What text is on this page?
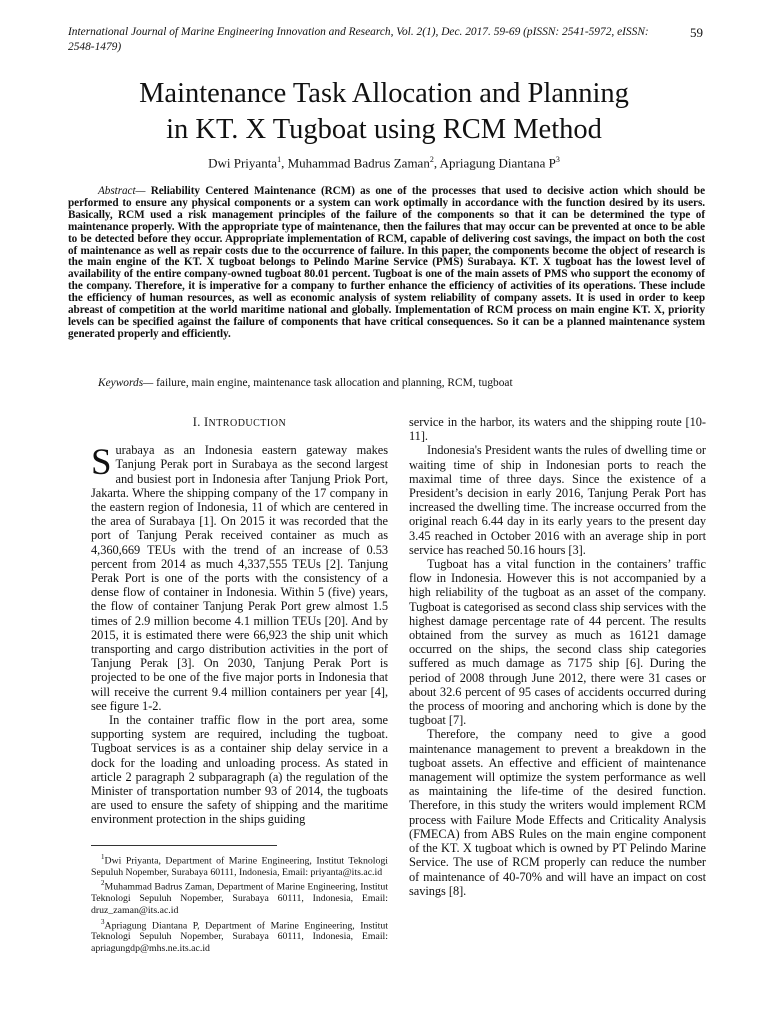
International Journal of Marine Engineering Innovation and Research, Vol. 2(1), Dec. 2017. 59-69 (pISSN: 2541-5972, eISSN: 2548-1479)
59
Maintenance Task Allocation and Planning
in KT. X Tugboat using RCM Method
Dwi Priyanta$^1$, Muhammad Badrus Zaman$^2$, Apriagung Diantana $P^3$
Abstract— Reliability Centered Maintenance (RCM) as one of the processes that used to decisive action which should be performed to ensure any physical components or a system can work optimally in accordance with the function desired by its users. Basically, RCM used a risk management principles of the failure of the components so that it can be determined the type of maintenance properly. With the appropriate type of maintenance, then the failures that may occur can be prevented at once to be able to be detected before they occur. Appropriate implementation of RCM, capable of delivering cost savings, the impact on both the cost of maintenance as well as repair costs due to the occurrence of failure. In this paper, the components become the object of research is the main engine of the KT. X tugboat belongs to Pelindo Marine Service (PMS) Surabaya. KT. X tugboat has the lowest level of availability of the entire company-owned tugboat 80.01 percent. Tugboat is one of the main assets of PMS who support the economy of the company. Therefore, it is imperative for a company to further enhance the efficiency of activities of its operations. These include the efficiency of human resources, as well as economic analysis of system reliability of company assets. It is used in order to keep abreast of competition at the world maritime national and globally. Implementation of RCM process on main engine KT. X, priority levels can be specified against the failure of components that have critical consequences. So it can be a planned maintenance system generated properly and efficiently.
Keywords— failure, main engine, maintenance task allocation and planning, RCM, tugboat
I. INTRODUCTION

Surabaya as an Indonesia eastern gateway makes Tanjung Perak port in Surabaya as the second largest and busiest port in Indonesia after Tanjung Priok Port, Jakarta. Where the shipping company of the 17 company in the eastern region of Indonesia, 11 of which are centered in the area of Surabaya [1]. On 2015 it was recorded that the port of Tanjung Perak received container as much as 4,360,669 TEUs with the trend of an increase of 0.53 percent from 2014 as much 4,337,555 TEUs [2]. Tanjung Perak Port is one of the ports with the consistency of a dense flow of container in Indonesia. Within 5 (five) years, the flow of container Tanjung Perak Port grew almost 1.5 times of 2.9 million become 4.1 million TEUs [20]. And by 2015, it is estimated there were 66,923 the ship unit which transporting and cargo distribution activities in the port of Tanjung Perak [3]. On 2030, Tanjung Perak Port is projected to be one of the five major ports in Indonesia that will receive the current 9.4 million containers per year [4], see figure 1-2.

In the container traffic flow in the port area, some supporting system are required, including the tugboat. Tugboat services is as a container ship delay service in a dock for the loading and unloading process. As stated in article 2 paragraph 2 subparagraph (a) the regulation of the Minister of transportation number 93 of 2014, the tugboats are used to ensure the safety of shipping and the maritime environment protection in the ships guiding

service in the harbor, its waters and the shipping route [10-11].

Indonesia's President wants the rules of dwelling time or waiting time of ship in Indonesian ports to reach the maximal time of three days. Since the existence of a President’s decision in early 2016, Tanjung Perak Port has increased the dwelling time. The increase occurred from the original reach 6.44 day in its early years to the present day 3.45 reached in October 2016 with an average ship in port service has reached 50.16 hours [3].

Tugboat has a vital function in the containers’ traffic flow in Indonesia. However this is not accompanied by a high reliability of the tugboat as an asset of the company. Tugboat is categorised as second class ship services with the highest damage percentage rate of 44 percent. The results obtained from the survey as much as 16121 damage occurred on the ships, the second class ship categories suffered as much damage as 7175 ship [6]. During the period of 2008 through June 2012, there were 31 cases or about 32.6 percent of 95 cases of accidents occurred during the process of mooring and anchoring which is done by the tugboat [7].

Therefore, the company need to give a good maintenance management to prevent a breakdown in the tugboat assets. An effective and efficient of maintenance management will optimize the system performance as well as maintaining the life-time of the desired function. Therefore, in this study the writers would implement RCM process with Failure Mode Effects and Criticality Analysis (FMECA) from ABS Rules on the main engine component of the KT. X tugboat which is owned by PT Pelindo Marine Service. The use of RCM properly can reduce the number of maintenance of 40-70% and will have an impact on cost savings [8].

$^1$Dwi Priyanta, Department of Marine Engineering, Institut Teknologi Sepuluh Nopember, Surabaya 60111, Indonesia, Email: priyanta@its.ac.id

$^2$Muhammad Badrus Zaman, Department of Marine Engineering, Institut Teknologi Sepuluh Nopember, Surabaya 60111, Indonesia, Email: druz_zaman@its.ac.id

$^3$Apriagung Diantana P, Department of Marine Engineering, Institut Teknologi Sepuluh Nopember, Surabaya 60111, Indonesia, Email: apriagungdp@mhs.ne.its.ac.id
